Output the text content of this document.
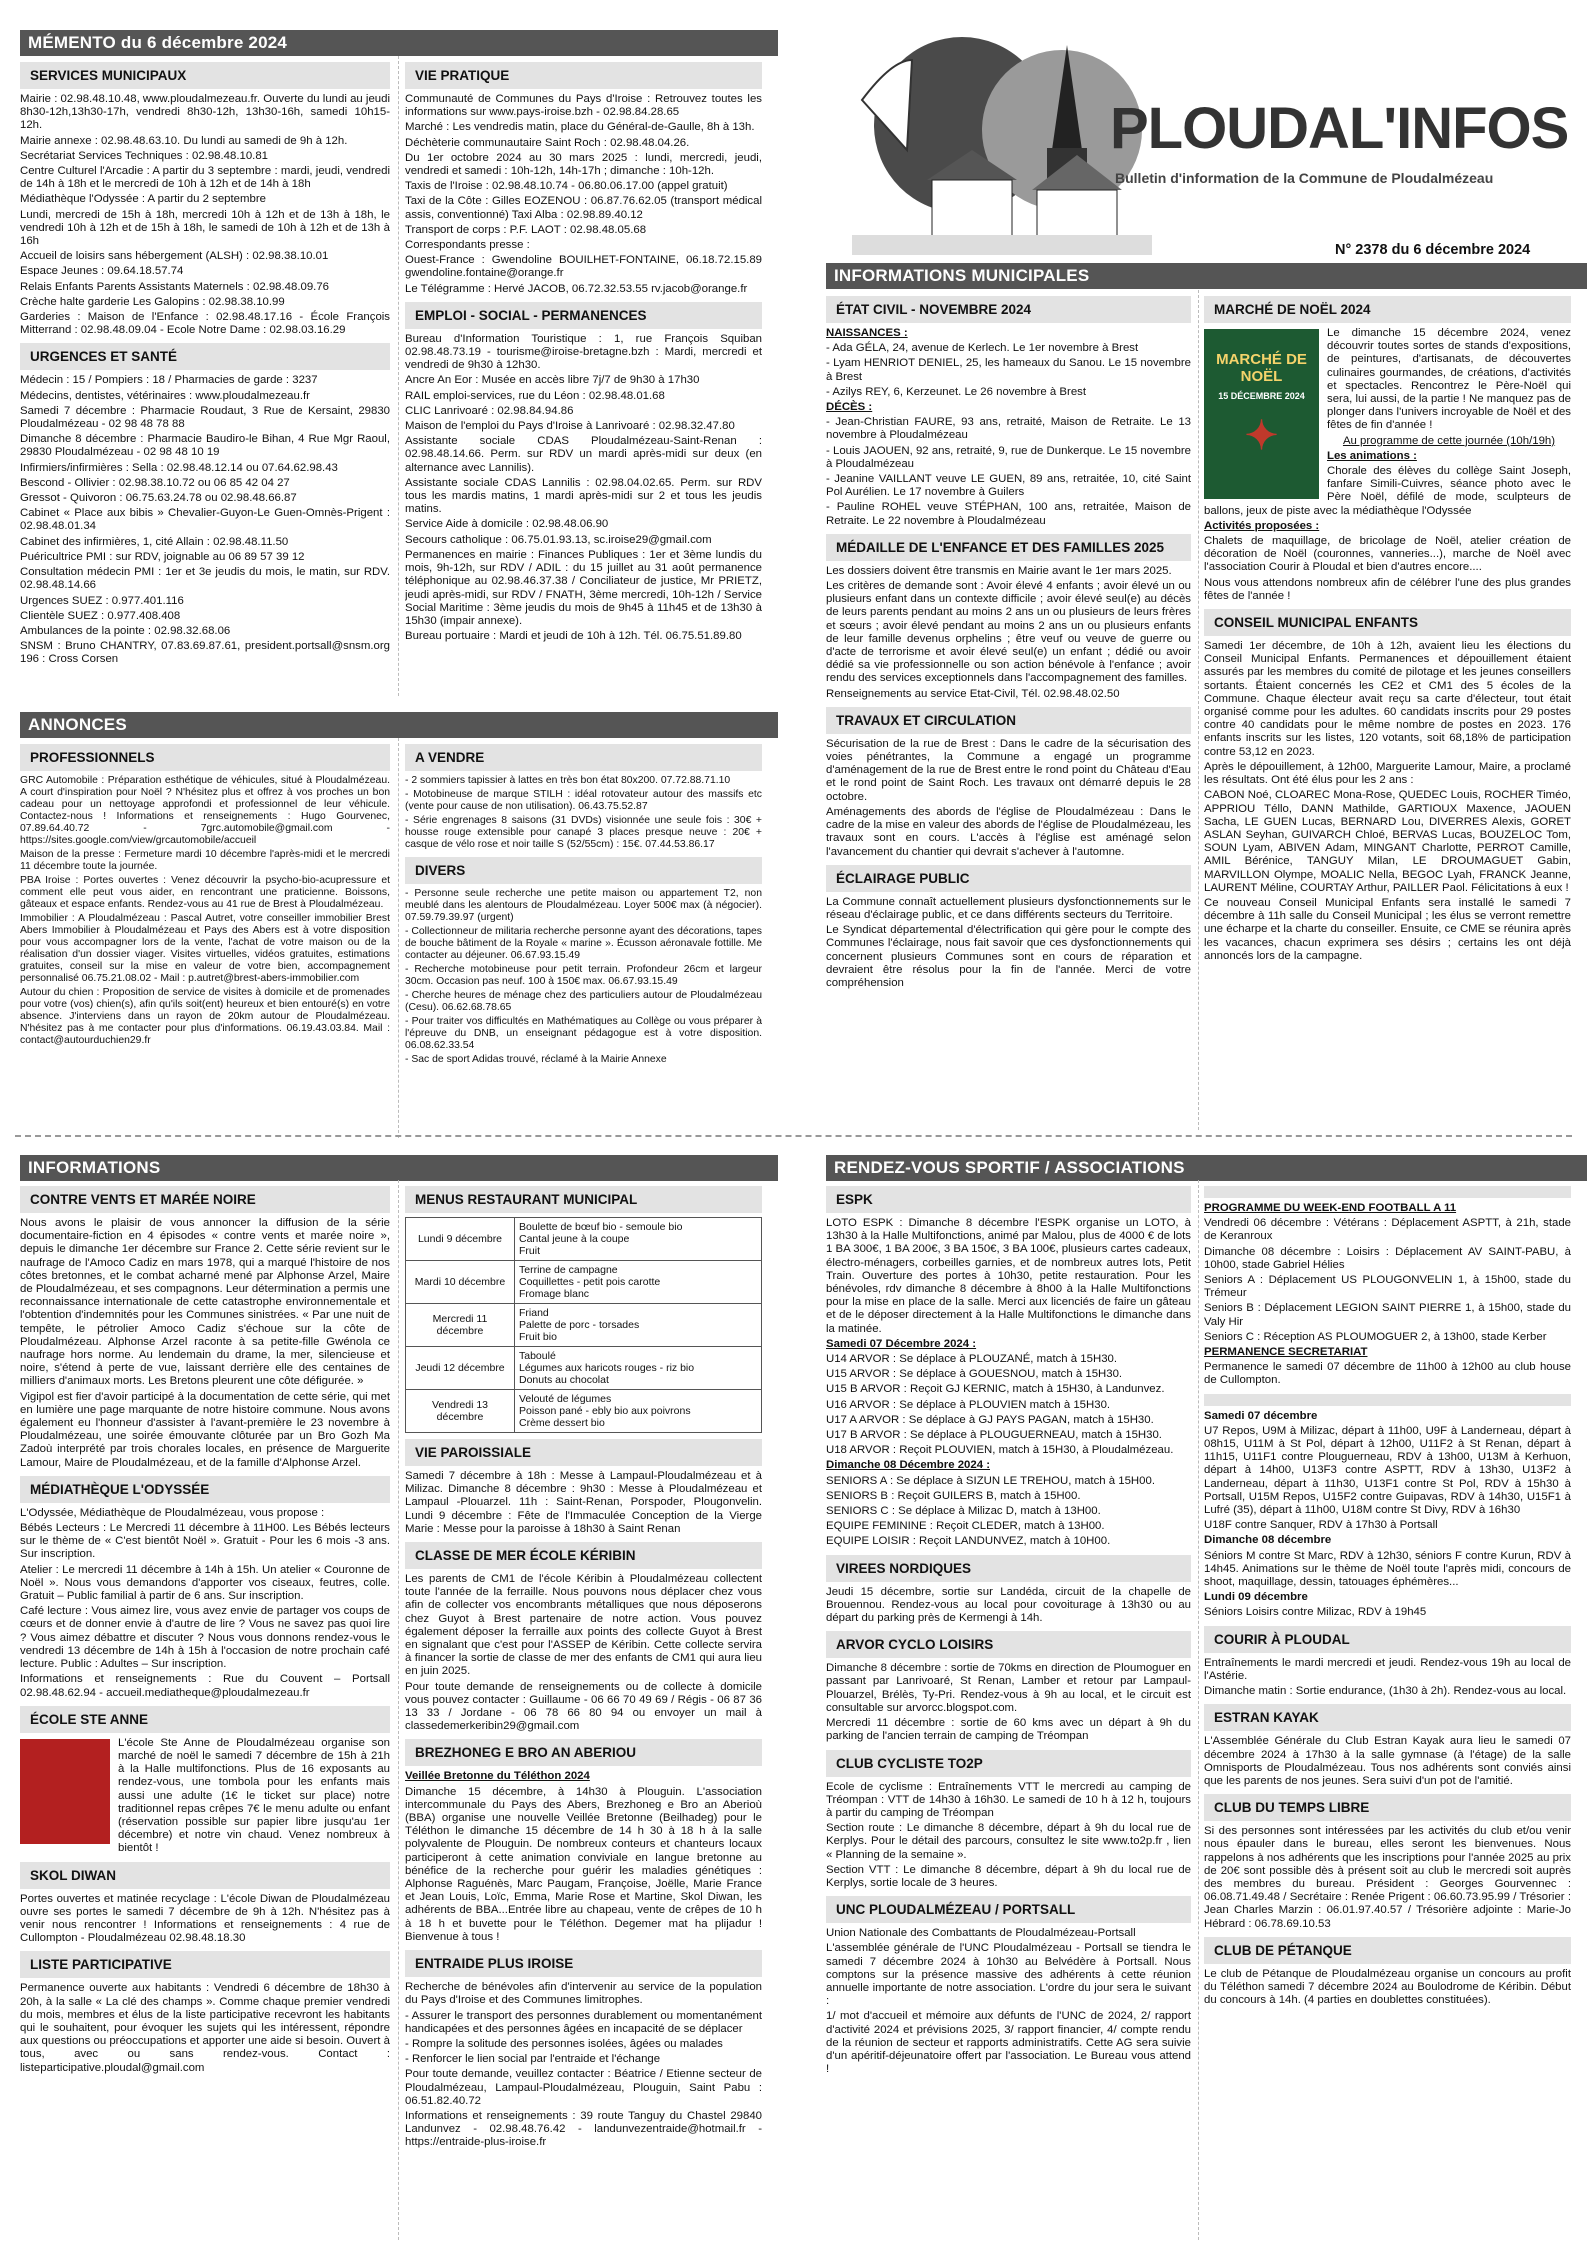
MÉMENTO du 6 décembre 2024
PLOUDAL'INFOS
Bulletin d'information de la Commune de Ploudalmézeau
N° 2378 du 6 décembre 2024
SERVICES MUNICIPAUX

Mairie : 02.98.48.10.48, www.ploudalmezeau.fr. Ouverte du lundi au jeudi 8h30-12h,13h30-17h, vendredi 8h30-12h, 13h30-16h, samedi 10h15-12h.

Mairie annexe : 02.98.48.63.10. Du lundi au samedi de 9h à 12h.

Secrétariat Services Techniques : 02.98.48.10.81

Centre Culturel l'Arcadie : A partir du 3 septembre : mardi, jeudi, vendredi de 14h à 18h et le mercredi de 10h à 12h et de 14h à 18h

Médiathèque l'Odyssée : A partir du 2 septembre

Lundi, mercredi de 15h à 18h, mercredi 10h à 12h et de 13h à 18h, le vendredi 10h à 12h et de 15h à 18h, le samedi de 10h à 12h et de 13h à 16h

Accueil de loisirs sans hébergement (ALSH) : 02.98.38.10.01

Espace Jeunes : 09.64.18.57.74

Relais Enfants Parents Assistants Maternels : 02.98.48.09.76

Crèche halte garderie Les Galopins : 02.98.38.10.99

Garderies : Maison de l'Enfance : 02.98.48.17.16 - École François Mitterrand : 02.98.48.09.04 - Ecole Notre Dame : 02.98.03.16.29

URGENCES ET SANTÉ

Médecin : 15 / Pompiers : 18 / Pharmacies de garde : 3237

Médecins, dentistes, vétérinaires : www.ploudalmezeau.fr

Samedi 7 décembre : Pharmacie Roudaut, 3 Rue de Kersaint, 29830 Ploudalmézeau - 02 98 48 78 88

Dimanche 8 décembre : Pharmacie Baudiro-le Bihan, 4 Rue Mgr Raoul, 29830 Ploudalmézeau - 02 98 48 10 19

Infirmiers/infirmières : Sella : 02.98.48.12.14 ou 07.64.62.98.43

Bescond - Ollivier : 02.98.38.10.72 ou 06 85 42 04 27

Gressot - Quivoron : 06.75.63.24.78 ou 02.98.48.66.87

Cabinet « Place aux bibis » Chevalier-Guyon-Le Guen-Omnès-Prigent : 02.98.48.01.34

Cabinet des infirmières, 1, cité Allain : 02.98.48.11.50

Puéricultrice PMI : sur RDV, joignable au 06 89 57 39 12

Consultation médecin PMI : 1er et 3e jeudis du mois, le matin, sur RDV. 02.98.48.14.66

Urgences SUEZ : 0.977.401.116

Clientèle SUEZ : 0.977.408.408

Ambulances de la pointe : 02.98.32.68.06

SNSM : Bruno CHANTRY, 07.83.69.87.61, president.portsall@snsm.org 196 : Cross Corsen

VIE PRATIQUE

Communauté de Communes du Pays d'Iroise : Retrouvez toutes les informations sur www.pays-iroise.bzh - 02.98.84.28.65

Marché : Les vendredis matin, place du Général-de-Gaulle, 8h à 13h.

Déchèterie communautaire Saint Roch : 02.98.48.04.26.

Du 1er octobre 2024 au 30 mars 2025 : lundi, mercredi, jeudi, vendredi et samedi : 10h-12h, 14h-17h ; dimanche : 10h-12h.

Taxis de l'Iroise : 02.98.48.10.74 - 06.80.06.17.00 (appel gratuit)

Taxi de la Côte : Gilles EOZENOU : 06.87.76.62.05 (transport médical assis, conventionné) Taxi Alba : 02.98.89.40.12

Transport de corps : P.F. LAOT : 02.98.48.05.68

Correspondants presse :

Ouest-France : Gwendoline BOUILHET-FONTAINE, 06.18.72.15.89 gwendoline.fontaine@orange.fr

Le Télégramme : Hervé JACOB, 06.72.32.53.55 rv.jacob@orange.fr

EMPLOI - SOCIAL - PERMANENCES

Bureau d'Information Touristique : 1, rue François Squiban 02.98.48.73.19 - tourisme@iroise-bretagne.bzh : Mardi, mercredi et vendredi de 9h30 à 12h30.

Ancre An Eor : Musée en accès libre 7j/7 de 9h30 à 17h30

RAIL emploi-services, rue du Léon : 02.98.48.01.68

CLIC Lanrivoaré : 02.98.84.94.86

Maison de l'emploi du Pays d'Iroise à Lanrivoaré : 02.98.32.47.80

Assistante sociale CDAS Ploudalmézeau-Saint-Renan : 02.98.48.14.66. Perm. sur RDV un mardi après-midi sur deux (en alternance avec Lannilis).

Assistante sociale CDAS Lannilis : 02.98.04.02.65. Perm. sur RDV tous les mardis matins, 1 mardi après-midi sur 2 et tous les jeudis matins.

Service Aide à domicile : 02.98.48.06.90

Secours catholique : 06.75.01.93.13, sc.iroise29@gmail.com

Permanences en mairie : Finances Publiques : 1er et 3ème lundis du mois, 9h-12h, sur RDV / ADIL : du 15 juillet au 31 août permanence téléphonique au 02.98.46.37.38 / Conciliateur de justice, Mr PRIETZ, jeudi après-midi, sur RDV / FNATH, 3ème mercredi, 10h-12h / Service Social Maritime : 3ème jeudis du mois de 9h45 à 11h45 et de 13h30 à 15h30 (impair annexe).

Bureau portuaire : Mardi et jeudi de 10h à 12h. Tél. 06.75.51.89.80

ANNONCES
PROFESSIONNELS

GRC Automobile : Préparation esthétique de véhicules, situé à Ploudalmézeau. A court d'inspiration pour Noël ? N'hésitez plus et offrez à vos proches un bon cadeau pour un nettoyage approfondi et professionnel de leur véhicule. Contactez-nous ! Informations et renseignements : Hugo Gourvenec, 07.89.64.40.72 - 7grc.automobile@gmail.com - https://sites.google.com/view/grcautomobile/accueil

Maison de la presse : Fermeture mardi 10 décembre l'après-midi et le mercredi 11 décembre toute la journée.

PBA Iroise : Portes ouvertes : Venez découvrir la psycho-bio-acupressure et comment elle peut vous aider, en rencontrant une praticienne. Boissons, gâteaux et espace enfants. Rendez-vous au 41 rue de Brest à Ploudalmézeau.

Immobilier : A Ploudalmézeau : Pascal Autret, votre conseiller immobilier Brest Abers Immobilier à Ploudalmézeau et Pays des Abers est à votre disposition pour vous accompagner lors de la vente, l'achat de votre maison ou de la réalisation d'un dossier viager. Visites virtuelles, vidéos gratuites, estimations gratuites, conseil sur la mise en valeur de votre bien, accompagnement personnalisé 06.75.21.08.02 - Mail : p.autret@brest-abers-immobilier.com

Autour du chien : Proposition de service de visites à domicile et de promenades pour votre (vos) chien(s), afin qu'ils soit(ent) heureux et bien entouré(s) en votre absence. J'interviens dans un rayon de 20km autour de Ploudalmézeau. N'hésitez pas à me contacter pour plus d'informations. 06.19.43.03.84. Mail : contact@autourduchien29.fr

A VENDRE

- 2 sommiers tapissier à lattes en très bon état 80x200. 07.72.88.71.10

- Motobineuse de marque STILH : idéal rotovateur autour des massifs etc (vente pour cause de non utilisation). 06.43.75.52.87

- Série engrenages 8 saisons (31 DVDs) visionnée une seule fois : 30€ + housse rouge extensible pour canapé 3 places presque neuve : 20€ + casque de vélo rose et noir taille S (52/55cm) : 15€. 07.44.53.86.17

DIVERS

- Personne seule recherche une petite maison ou appartement T2, non meublé dans les alentours de Ploudalmézeau. Loyer 500€ max (à négocier). 07.59.79.39.97 (urgent)

- Collectionneur de militaria recherche personne ayant des décorations, tapes de bouche bâtiment de la Royale « marine ». Écusson aéronavale fottille. Me contacter au déjeuner. 06.67.93.15.49

- Recherche motobineuse pour petit terrain. Profondeur 26cm et largeur 30cm. Occasion pas neuf. 100 à 150€ max. 06.67.93.15.49

- Cherche heures de ménage chez des particuliers autour de Ploudalmézeau (Cesu). 06.62.68.78.65

- Pour traiter vos difficultés en Mathématiques au Collège ou vous préparer à l'épreuve du DNB, un enseignant pédagogue est à votre disposition. 06.08.62.33.54

- Sac de sport Adidas trouvé, réclamé à la Mairie Annexe

INFORMATIONS MUNICIPALES
ÉTAT CIVIL - NOVEMBRE 2024

NAISSANCES :

- Ada GÉLA, 24, avenue de Kerlech. Le 1er novembre à Brest

- Lyam HENRIOT DENIEL, 25, les hameaux du Sanou. Le 15 novembre à Brest

- Azilys REY, 6, Kerzeunet. Le 26 novembre à Brest

DÉCÈS :

- Jean-Christian FAURE, 93 ans, retraité, Maison de Retraite. Le 13 novembre à Ploudalmézeau

- Louis JAOUEN, 92 ans, retraité, 9, rue de Dunkerque. Le 15 novembre à Ploudalmézeau

- Jeanine VAILLANT veuve LE GUEN, 89 ans, retraitée, 10, cité Saint Pol Aurélien. Le 17 novembre à Guilers

- Pauline ROHEL veuve STÉPHAN, 100 ans, retraitée, Maison de Retraite. Le 22 novembre à Ploudalmézeau

MÉDAILLE DE L'ENFANCE ET DES FAMILLES 2025

Les dossiers doivent être transmis en Mairie avant le 1er mars 2025.

Les critères de demande sont : Avoir élevé 4 enfants ; avoir élevé un ou plusieurs enfant dans un contexte difficile ; avoir élevé seul(e) au décès de leurs parents pendant au moins 2 ans un ou plusieurs de leurs frères et sœurs ; avoir élevé pendant au moins 2 ans un ou plusieurs enfants de leur famille devenus orphelins ; être veuf ou veuve de guerre ou d'acte de terrorisme et avoir élevé seul(e) un enfant ; dédié ou avoir dédié sa vie professionnelle ou son action bénévole à l'enfance ; avoir rendu des services exceptionnels dans l'accompagnement des familles.

Renseignements au service Etat-Civil, Tél. 02.98.48.02.50

TRAVAUX ET CIRCULATION

Sécurisation de la rue de Brest : Dans le cadre de la sécurisation des voies pénétrantes, la Commune a engagé un programme d'aménagement de la rue de Brest entre le rond point du Château d'Eau et le rond point de Saint Roch. Les travaux ont démarré depuis le 28 octobre.

Aménagements des abords de l'église de Ploudalmézeau : Dans le cadre de la mise en valeur des abords de l'église de Ploudalmézeau, les travaux sont en cours. L'accès à l'église est aménagé selon l'avancement du chantier qui devrait s'achever à l'automne.

ÉCLAIRAGE PUBLIC

La Commune connaît actuellement plusieurs dysfonctionnements sur le réseau d'éclairage public, et ce dans différents secteurs du Territoire.

Le Syndicat départemental d'électrification qui gère pour le compte des Communes l'éclairage, nous fait savoir que ces dysfonctionnements qui concernent plusieurs Communes sont en cours de réparation et devraient être résolus pour la fin de l'année. Merci de votre compréhension

MARCHÉ DE NOËL 2024
MARCHÉ DE NOËL
15 DÉCEMBRE 2024
✦

Le dimanche 15 décembre 2024, venez découvrir toutes sortes de stands d'expositions, de peintures, d'artisanats, de découvertes culinaires gourmandes, de créations, d'activités et spectacles. Rencontrez le Père-Noël qui sera, lui aussi, de la partie ! Ne manquez pas de plonger dans l'univers incroyable de Noël et des fêtes de fin d'année !

Au programme de cette journée (10h/19h)

Les animations :

Chorale des élèves du collège Saint Joseph, fanfare Simili-Cuivres, séance photo avec le Père Noël, défilé de mode, sculpteurs de ballons, jeux de piste avec la médiathèque l'Odyssée

Activités proposées :

Chalets de maquillage, de bricolage de Noël, atelier création de décoration de Noël (couronnes, vanneries...), marche de Noël avec l'association Courir à Ploudal et bien d'autres encore....

Nous vous attendons nombreux afin de célébrer l'une des plus grandes fêtes de l'année !

CONSEIL MUNICIPAL ENFANTS

Samedi 1er décembre, de 10h à 12h, avaient lieu les élections du Conseil Municipal Enfants. Permanences et dépouillement étaient assurés par les membres du comité de pilotage et les jeunes conseillers sortants. Étaient concernés les CE2 et CM1 des 5 écoles de la Commune. Chaque électeur avait reçu sa carte d'électeur, tout était organisé comme pour les adultes. 60 candidats inscrits pour 29 postes contre 40 candidats pour le même nombre de postes en 2023. 176 enfants inscrits sur les listes, 120 votants, soit 68,18% de participation contre 53,12 en 2023.

Après le dépouillement, à 12h00, Marguerite Lamour, Maire, a proclamé les résultats. Ont été élus pour les 2 ans :

CABON Noé, CLOAREC Mona-Rose, QUEDEC Louis, ROCHER Timéo, APPRIOU Téllo, DANN Mathilde, GARTIOUX Maxence, JAOUEN Sacha, LE GUEN Lucas, BERNARD Lou, DIVERRES Alexis, GORET ASLAN Seyhan, GUIVARCH Chloé, BERVAS Lucas, BOUZELOC Tom, SOUN Lyam, ABIVEN Adam, MINGANT Charlotte, PERROT Camille, AMIL Bérénice, TANGUY Milan, LE DROUMAGUET Gabin, MARVILLON Olympe, MOALIC Nella, BEGOC Lyah, FRANCK Jeanne, LAURENT Méline, COURTAY Arthur, PAILLER Paol. Félicitations à eux !

Ce nouveau Conseil Municipal Enfants sera installé le samedi 7 décembre à 11h salle du Conseil Municipal ; les élus se verront remettre une écharpe et la charte du conseiller. Ensuite, ce CME se réunira après les vacances, chacun exprimera ses désirs ; certains les ont déjà annoncés lors de la campagne.

INFORMATIONS
CONTRE VENTS ET MARÉE NOIRE

Nous avons le plaisir de vous annoncer la diffusion de la série documentaire-fiction en 4 épisodes « contre vents et marée noire », depuis le dimanche 1er décembre sur France 2. Cette série revient sur le naufrage de l'Amoco Cadiz en mars 1978, qui a marqué l'histoire de nos côtes bretonnes, et le combat acharné mené par Alphonse Arzel, Maire de Ploudalmézeau, et ses compagnons. Leur détermination a permis une reconnaissance internationale de cette catastrophe environnementale et l'obtention d'indemnités pour les Communes sinistrées. « Par une nuit de tempête, le pétrolier Amoco Cadiz s'échoue sur la côte de Ploudalmézeau. Alphonse Arzel raconte à sa petite-fille Gwénola ce naufrage hors norme. Au lendemain du drame, la mer, silencieuse et noire, s'étend à perte de vue, laissant derrière elle des centaines de milliers d'animaux morts. Les Bretons pleurent une côte défigurée. »

Vigipol est fier d'avoir participé à la documentation de cette série, qui met en lumière une page marquante de notre histoire commune. Nous avons également eu l'honneur d'assister à l'avant-première le 23 novembre à Ploudalmézeau, une soirée émouvante clôturée par un Bro Gozh Ma Zadoù interprété par trois chorales locales, en présence de Marguerite Lamour, Maire de Ploudalmézeau, et de la famille d'Alphonse Arzel.

MÉDIATHÈQUE L'ODYSSÉE

L'Odyssée, Médiathèque de Ploudalmézeau, vous propose :

Bébés Lecteurs : Le Mercredi 11 décembre à 11H00. Les Bébés lecteurs sur le thème de « C'est bientôt Noël ». Gratuit - Pour les 6 mois -3 ans. Sur inscription.

Atelier : Le mercredi 11 décembre à 14h à 15h. Un atelier « Couronne de Noël ». Nous vous demandons d'apporter vos ciseaux, feutres, colle. Gratuit – Public familial à partir de 6 ans. Sur inscription.

Café lecture : Vous aimez lire, vous avez envie de partager vos coups de cœurs et de donner envie à d'autre de lire ? Vous ne savez pas quoi lire ? Vous aimez débattre et discuter ? Nous vous donnons rendez-vous le vendredi 13 décembre de 14h à 15h à l'occasion de notre prochain café lecture. Public : Adultes – Sur inscription.

Informations et renseignements : Rue du Couvent – Portsall 02.98.48.62.94 - accueil.mediatheque@ploudalmezeau.fr

ÉCOLE STE ANNE

L'école Ste Anne de Ploudalmézeau organise son marché de noël le samedi 7 décembre de 15h à 21h à la Halle multifonctions. Plus de 16 exposants au rendez-vous, une tombola pour les enfants mais aussi une adulte (1€ le ticket sur place) notre traditionnel repas crêpes 7€ le menu adulte ou enfant (réservation possible sur papier libre jusqu'au 1er décembre) et notre vin chaud. Venez nombreux à bientôt !

SKOL DIWAN

Portes ouvertes et matinée recyclage : L'école Diwan de Ploudalmézeau ouvre ses portes le samedi 7 décembre de 9h à 12h. N'hésitez pas à venir nous rencontrer ! Informations et renseignements : 4 rue de Cullompton - Ploudalmézeau 02.98.48.18.30

LISTE PARTICIPATIVE

Permanence ouverte aux habitants : Vendredi 6 décembre de 18h30 à 20h, à la salle « La clé des champs ». Comme chaque premier vendredi du mois, membres et élus de la liste participative recevront les habitants qui le souhaitent, pour évoquer les sujets qui les intéressent, répondre aux questions ou préoccupations et apporter une aide si besoin. Ouvert à tous, avec ou sans rendez-vous. Contact : listeparticipative.ploudal@gmail.com

MENUS RESTAURANT MUNICIPAL
Lundi 9 décembre	Boulette de bœuf bio - semoule bio
Cantal jeune à la coupe
Fruit
Mardi 10 décembre	Terrine de campagne
Coquillettes - petit pois carotte
Fromage blanc
Mercredi 11 décembre	Friand
Palette de porc - torsades
Fruit bio
Jeudi 12 décembre	Taboulé
Légumes aux haricots rouges - riz bio
Donuts au chocolat
Vendredi 13 décembre	Velouté de légumes
Poisson pané - ebly bio aux poivrons
Crème dessert bio
VIE PAROISSIALE

Samedi 7 décembre à 18h : Messe à Lampaul-Ploudalmézeau et à Milizac. Dimanche 8 décembre : 9h30 : Messe à Ploudalmézeau et Lampaul -Plouarzel. 11h : Saint-Renan, Porspoder, Plougonvelin. Lundi 9 décembre : Fête de l'Immaculée Conception de la Vierge Marie : Messe pour la paroisse à 18h30 à Saint Renan

CLASSE DE MER ÉCOLE KÉRIBIN

Les parents de CM1 de l'école Kéribin à Ploudalmézeau collectent toute l'année de la ferraille. Nous pouvons nous déplacer chez vous afin de collecter vos encombrants métalliques que nous déposerons chez Guyot à Brest partenaire de notre action. Vous pouvez également déposer la ferraille aux points des collecte Guyot à Brest en signalant que c'est pour l'ASSEP de Kéribin. Cette collecte servira à financer la sortie de classe de mer des enfants de CM1 qui aura lieu en juin 2025.

Pour toute demande de renseignements ou de collecte à domicile vous pouvez contacter : Guillaume - 06 66 70 49 69 / Régis - 06 87 36 13 33 / Jordane - 06 78 66 80 94 ou envoyer un mail à classedemerkeribin29@gmail.com

BREZHONEG E BRO AN ABERIOU

Veillée Bretonne du Téléthon 2024

Dimanche 15 décembre, à 14h30 à Plouguin. L'association intercommunale du Pays des Abers, Brezhoneg e Bro an Aberioù (BBA) organise une nouvelle Veillée Bretonne (Beilhadeg) pour le Téléthon le dimanche 15 décembre de 14 h 30 à 18 h à la salle polyvalente de Plouguin. De nombreux conteurs et chanteurs locaux participeront à cette animation conviviale en langue bretonne au bénéfice de la recherche pour guérir les maladies génétiques : Alphonse Raguénès, Marc Paugam, Françoise, Joëlle, Marie France et Jean Louis, Loïc, Emma, Marie Rose et Martine, Skol Diwan, les adhérents de BBA...Entrée libre au chapeau, vente de crêpes de 10 h à 18 h et buvette pour le Téléthon. Degemer mat ha plijadur ! Bienvenue à tous !

ENTRAIDE PLUS IROISE

Recherche de bénévoles afin d'intervenir au service de la population du Pays d'Iroise et des Communes limitrophes.

- Assurer le transport des personnes durablement ou momentanément handicapées et des personnes âgées en incapacité de se déplacer

- Rompre la solitude des personnes isolées, âgées ou malades

- Renforcer le lien social par l'entraide et l'échange

Pour toute demande, veuillez contacter : Béatrice / Etienne secteur de Ploudalmézeau, Lampaul-Ploudalmézeau, Plouguin, Saint Pabu : 06.51.82.40.72

Informations et renseignements : 39 route Tanguy du Chastel 29840 Landunvez - 02.98.48.76.42 - landunvezentraide@hotmail.fr - https://entraide-plus-iroise.fr

RENDEZ-VOUS SPORTIF / ASSOCIATIONS
ESPK

LOTO ESPK : Dimanche 8 décembre l'ESPK organise un LOTO, à 13h30 à la Halle Multifonctions, animé par Malou, plus de 4000 € de lots 1 BA 300€, 1 BA 200€, 3 BA 150€, 3 BA 100€, plusieurs cartes cadeaux, électro-ménagers, corbeilles garnies, et de nombreux autres lots, Petit Train. Ouverture des portes à 10h30, petite restauration. Pour les bénévoles, rdv dimanche 8 décembre à 8h00 à la Halle Multifonctions pour la mise en place de la salle. Merci aux licenciés de faire un gâteau et de le déposer directement à la Halle Multifonctions le dimanche dans la matinée.

Samedi 07 Décembre 2024 :

U14 ARVOR : Se déplace à PLOUZANÉ, match à 15H30.

U15 ARVOR : Se déplace à GOUESNOU, match à 15H30.

U15 B ARVOR : Reçoit GJ KERNIC, match à 15H30, à Landunvez.

U16 ARVOR : Se déplace à PLOUVIEN match à 15H30.

U17 A ARVOR : Se déplace à GJ PAYS PAGAN, match à 15H30.

U17 B ARVOR : Se déplace à PLOUGUERNEAU, match à 15H30.

U18 ARVOR : Reçoit PLOUVIEN, match à 15H30, à Ploudalmézeau.

Dimanche 08 Décembre 2024 :

SENIORS A : Se déplace à SIZUN LE TREHOU, match à 15H00.

SENIORS B : Reçoit GUILERS B, match à 15H00.

SENIORS C : Se déplace à Milizac D, match à 13H00.

EQUIPE FEMININE : Reçoit CLEDER, match à 13H00.

EQUIPE LOISIR : Reçoit LANDUNVEZ, match à 10H00.

VIREES NORDIQUES

Jeudi 15 décembre, sortie sur Landéda, circuit de la chapelle de Brouennou. Rendez-vous au local pour covoiturage à 13h30 ou au départ du parking près de Kermengi à 14h.

ARVOR CYCLO LOISIRS

Dimanche 8 décembre : sortie de 70kms en direction de Ploumoguer en passant par Lanrivoaré, St Renan, Lamber et retour par Lampaul-Plouarzel, Brélès, Ty-Pri. Rendez-vous à 9h au local, et le circuit est consultable sur arvorcc.blogspot.com.

Mercredi 11 décembre : sortie de 60 kms avec un départ à 9h du parking de l'ancien terrain de camping de Tréompan

CLUB CYCLISTE TO2P

Ecole de cyclisme : Entraînements VTT le mercredi au camping de Tréompan : VTT de 14h30 à 16h30. Le samedi de 10 h à 12 h, toujours à partir du camping de Tréompan

Section route : Le dimanche 8 décembre, départ à 9h du local rue de Kerplys. Pour le détail des parcours, consultez le site www.to2p.fr , lien « Planning de la semaine ».

Section VTT : Le dimanche 8 décembre, départ à 9h du local rue de Kerplys, sortie locale de 3 heures.

UNC PLOUDALMÉZEAU / PORTSALL

Union Nationale des Combattants de Ploudalmézeau-Portsall

L'assemblée générale de l'UNC Ploudalmézeau - Portsall se tiendra le samedi 7 décembre 2024 à 10h30 au Belvédère à Portsall. Nous comptons sur la présence massive des adhérents à cette réunion annuelle importante de notre association. L'ordre du jour sera le suivant :

1/ mot d'accueil et mémoire aux défunts de l'UNC de 2024, 2/ rapport d'activité 2024 et prévisions 2025, 3/ rapport financier, 4/ compte rendu de la réunion de secteur et rapports administratifs. Cette AG sera suivie d'un apéritif-déjeunatoire offert par l'association. Le Bureau vous attend !

PROGRAMME DU WEEK-END FOOTBALL A 11

Vendredi 06 décembre : Vétérans : Déplacement ASPTT, à 21h, stade de Keranroux

Dimanche 08 décembre : Loisirs : Déplacement AV SAINT-PABU, à 10h00, stade Gabriel Hélies

Seniors A : Déplacement US PLOUGONVELIN 1, à 15h00, stade du Trémeur

Seniors B : Déplacement LEGION SAINT PIERRE 1, à 15h00, stade du Valy Hir

Seniors C : Réception AS PLOUMOGUER 2, à 13h00, stade Kerber

PERMANENCE SECRETARIAT

Permanence le samedi 07 décembre de 11h00 à 12h00 au club house de Cullompton.

Samedi 07 décembre

U7 Repos, U9M à Milizac, départ à 11h00, U9F à Landerneau, départ à 08h15, U11M à St Pol, départ à 12h00, U11F2 à St Renan, départ à 11h15, U11F1 contre Plouguerneau, RDV à 13h00, U13M à Kerhuon, départ à 14h00, U13F3 contre ASPTT, RDV à 13h30, U13F2 à Landerneau, départ à 11h30, U13F1 contre St Pol, RDV à 15h30 à Portsall, U15M Repos, U15F2 contre Guipavas, RDV à 14h30, U15F1 à Lufré (35), départ à 11h00, U18M contre St Divy, RDV à 16h30

U18F contre Sanquer, RDV à 17h30 à Portsall

Dimanche 08 décembre

Séniors M contre St Marc, RDV à 12h30, séniors F contre Kurun, RDV à 14h45. Animations sur le thème de Noël toute l'après midi, concours de shoot, maquillage, dessin, tatouages éphémères...

Lundi 09 décembre

Séniors Loisirs contre Milizac, RDV à 19h45

COURIR À PLOUDAL

Entraînements le mardi mercredi et jeudi. Rendez-vous 19h au local de l'Astérie.

Dimanche matin : Sortie endurance, (1h30 à 2h). Rendez-vous au local.

ESTRAN KAYAK

L'Assemblée Générale du Club Estran Kayak aura lieu le samedi 07 décembre 2024 à 17h30 à la salle gymnase (à l'étage) de la salle Omnisports de Ploudalmézeau. Tous nos adhérents sont conviés ainsi que les parents de nos jeunes. Sera suivi d'un pot de l'amitié.

CLUB DU TEMPS LIBRE

Si des personnes sont intéressées par les activités du club et/ou venir nous épauler dans le bureau, elles seront les bienvenues. Nous rappelons à nos adhérents que les inscriptions pour l'année 2025 au prix de 20€ sont possible dès à présent soit au club le mercredi soit auprès des membres du bureau. Président : Georges Gourvennec : 06.08.71.49.48 / Secrétaire : Renée Prigent : 06.60.73.95.99 / Trésorier : Jean Charles Marzin : 06.01.97.40.57 / Trésorière adjointe : Marie-Jo Hébrard : 06.78.69.10.53

CLUB DE PÉTANQUE

Le club de Pétanque de Ploudalmézeau organise un concours au profit du Téléthon samedi 7 décembre 2024 au Boulodrome de Kéribin. Début du concours à 14h. (4 parties en doublettes constituées).
